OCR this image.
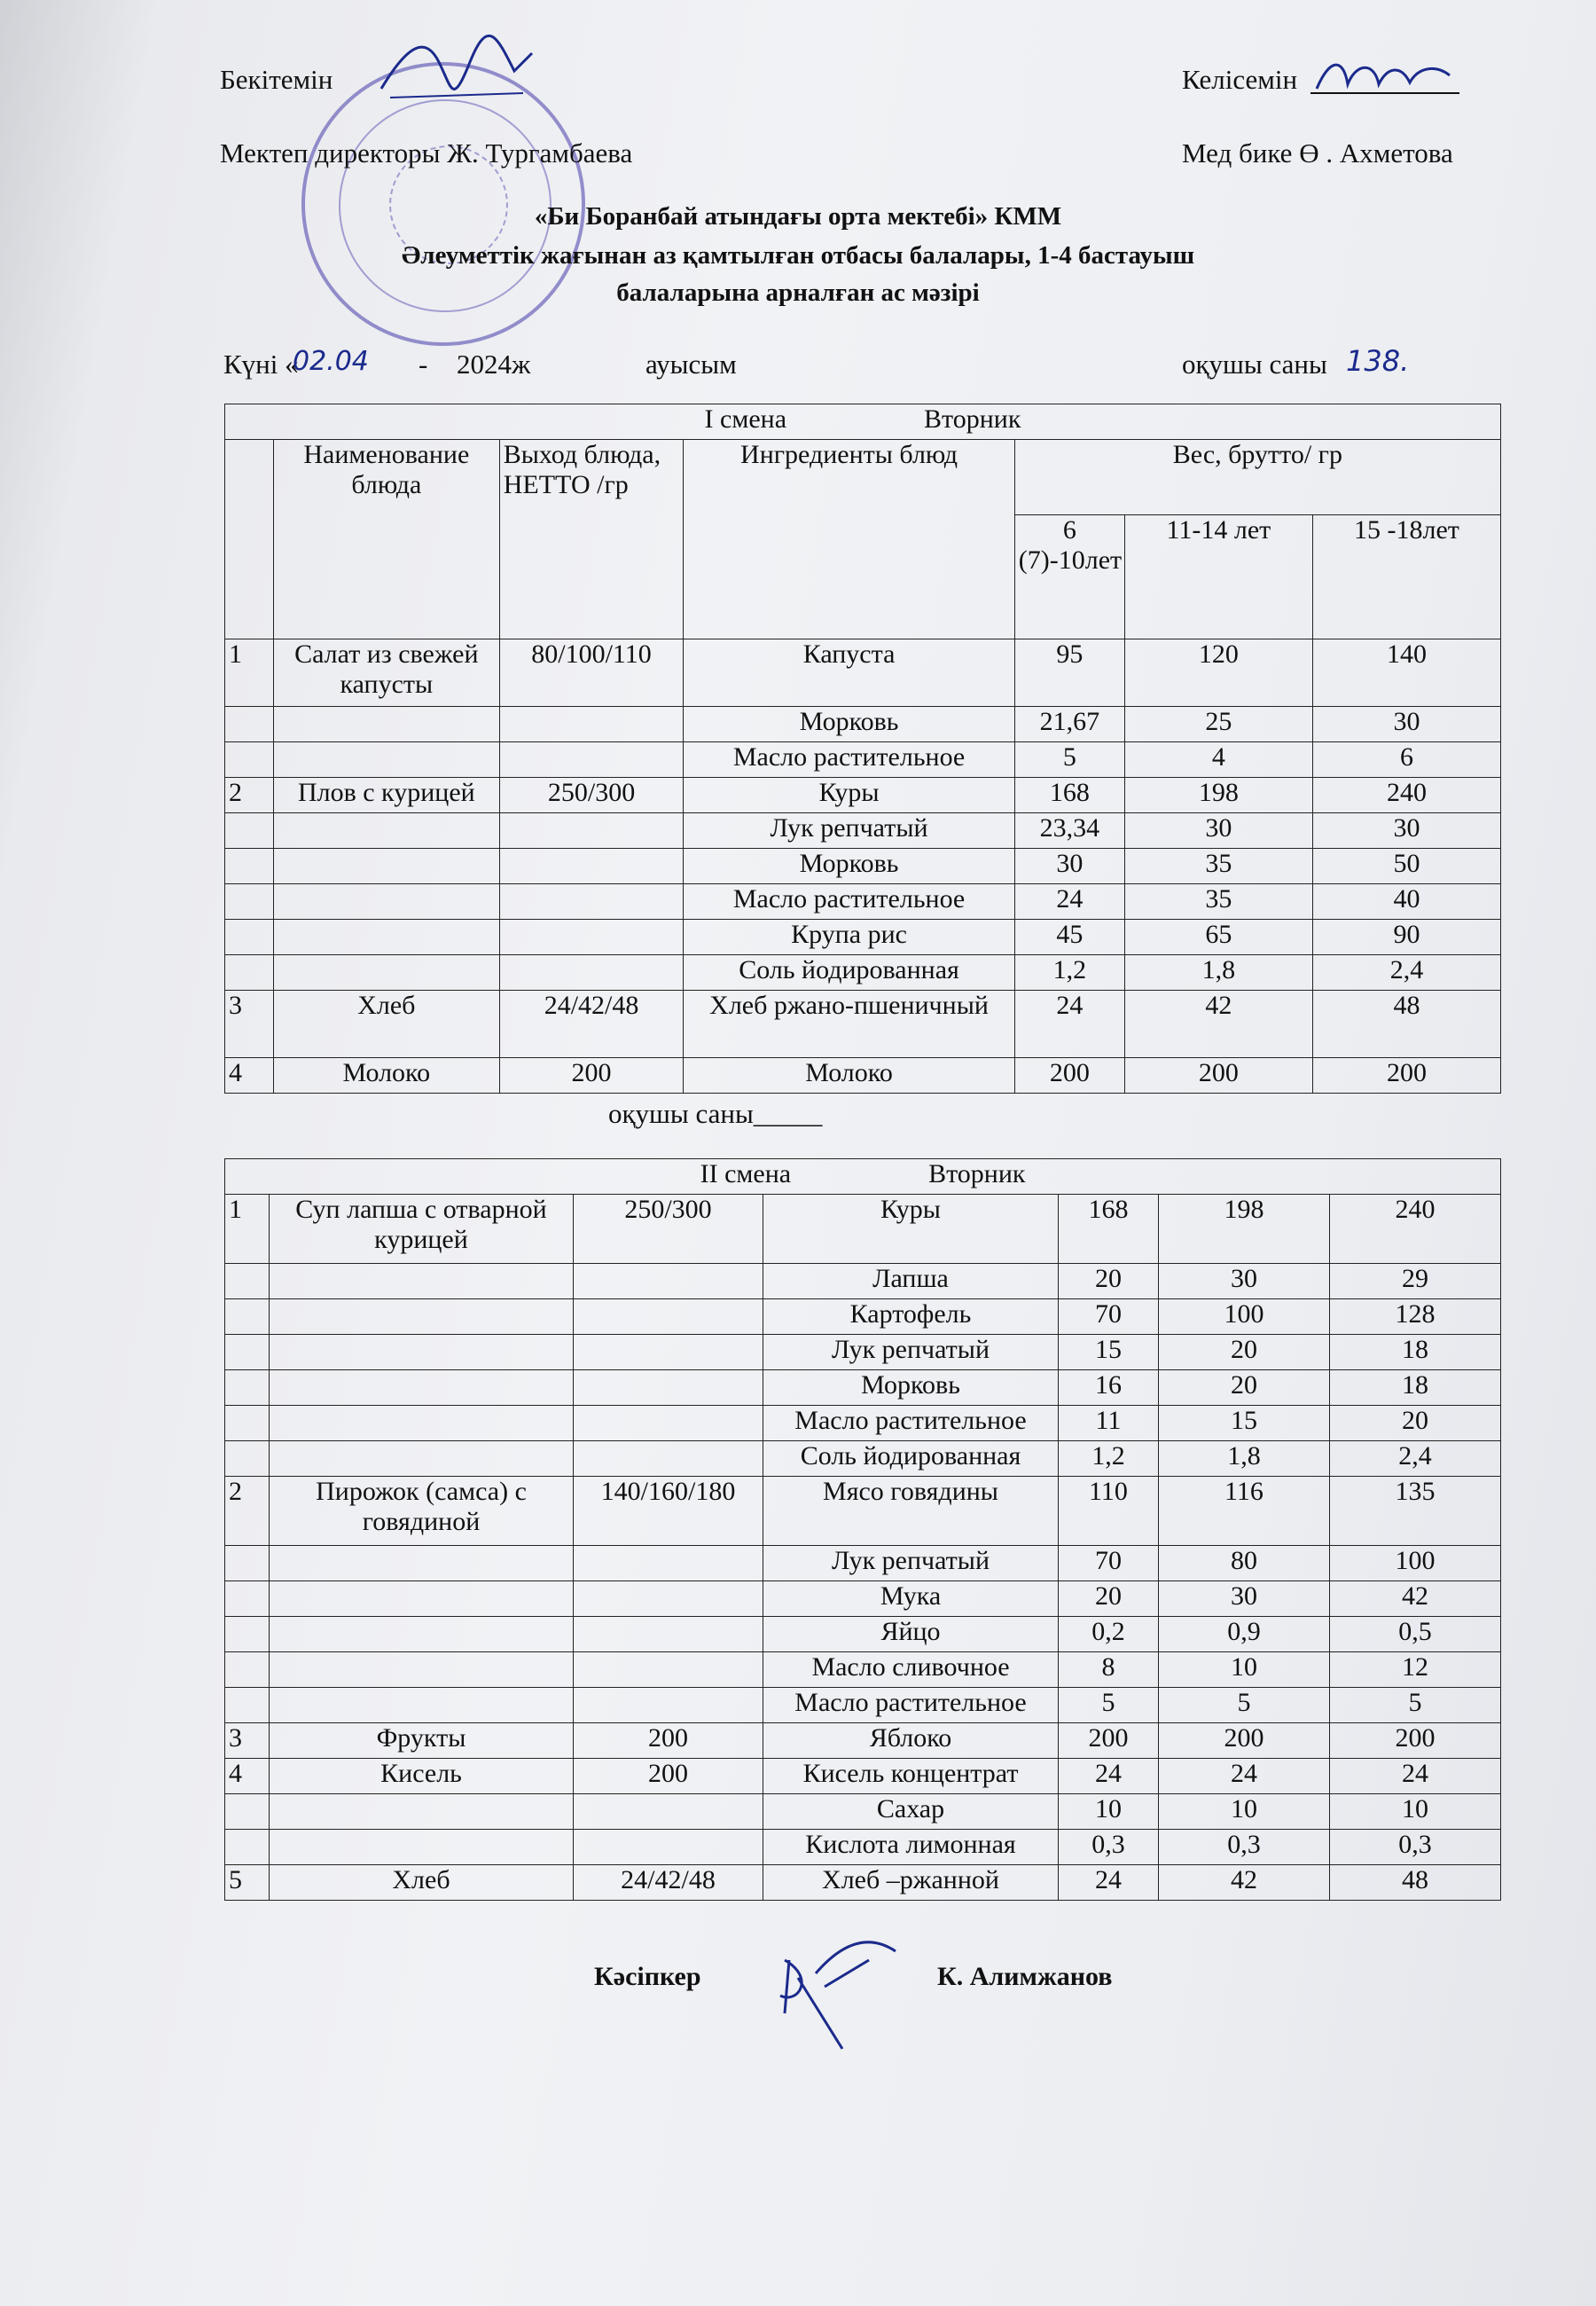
Бекітемін	Келісемін
Мектеп директоры Ж. Тургамбаева	Мед бике Ө . Ахметова
«Би Боранбай атындағы орта мектебі» КММ
Әлеуметтік жағынан аз қамтылған отбасы балалары, 1-4 бастауыш
балаларына арналған ас мәзірі
Күні «
02.04 - 2024ж	ауысым	оқушы саны 138.
I смена Вторник						
	Наименование блюда	Выход блюда, НЕТТО /гр	Ингредиенты блюд	Вес, брутто/ гр		
				6 (7)-10лет	11-14 лет	15 -18лет
1	Салат из свежей капусты	80/100/110	Капуста	95	120	140
			Морковь	21,67	25	30
			Масло растительное	5	4	6
2	Плов с курицей	250/300	Куры	168	198	240
			Лук репчатый	23,34	30	30
			Морковь	30	35	50
			Масло растительное	24	35	40
			Крупа рис	45	65	90
			Соль йодированная	1,2	1,8	2,4
3	Хлеб	24/42/48	Хлеб ржано-пшеничный	24	42	48
4	Молоко	200	Молоко	200	200	200
оқушы саны_____
II смена Вторник						
1	Суп лапша с отварной курицей	250/300	Куры	168	198	240
			Лапша	20	30	29
			Картофель	70	100	128
			Лук репчатый	15	20	18
			Морковь	16	20	18
			Масло растительное	11	15	20
			Соль йодированная	1,2	1,8	2,4
2	Пирожок (самса) с говядиной	140/160/180	Мясо говядины	110	116	135
			Лук репчатый	70	80	100
			Мука	20	30	42
			Яйцо	0,2	0,9	0,5
			Масло сливочное	8	10	12
			Масло растительное	5	5	5
3	Фрукты	200	Яблоко	200	200	200
4	Кисель	200	Кисель концентрат	24	24	24
			Сахар	10	10	10
			Кислота лимонная	0,3	0,3	0,3
5	Хлеб	24/42/48	Хлеб –ржанной	24	42	48
Кәсіпкер	К. Алимжанов
